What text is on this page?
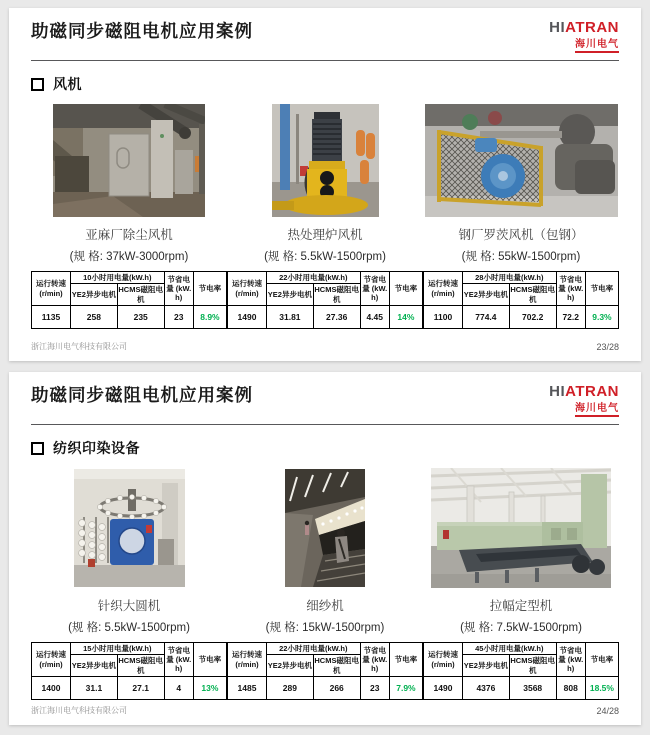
助磁同步磁阻电机应用案例	HIATRAN
海川电气
风机
亚麻厂除尘风机
(规 格: 37kW-3000rpm)
运行转速 (r/min)	10小时用电量(kW.h)		节省电量 (kW.h)	节电率
	YE2异步电机	HCMS磁阻电机		
1135	258	235	23	8.9%
热处理炉风机
(规 格: 5.5kW-1500rpm)
运行转速 (r/min)	22小时用电量(kW.h)		节省电量 (kW.h)	节电率
	YE2异步电机	HCMS磁阻电机		
1490	31.81	27.36	4.45	14%
钢厂罗茨风机（包钢）
(规 格: 55kW-1500rpm)
运行转速 (r/min)	28小时用电量(kW.h)		节省电量 (kW.h)	节电率
	YE2异步电机	HCMS磁阻电机		
1100	774.4	702.2	72.2	9.3%
浙江海川电气科技有限公司	23/28
助磁同步磁阻电机应用案例	HIATRAN
海川电气
纺织印染设备
针织大圆机
(规 格: 5.5kW-1500rpm)
运行转速 (r/min)	15小时用电量(kW.h)		节省电量 (kW.h)	节电率
	YE2异步电机	HCMS磁阻电机		
1400	31.1	27.1	4	13%
细纱机
(规 格: 15kW-1500rpm)
运行转速 (r/min)	22小时用电量(kW.h)		节省电量 (kW.h)	节电率
	YE2异步电机	HCMS磁阻电机		
1485	289	266	23	7.9%
拉幅定型机
(规 格: 7.5kW-1500rpm)
运行转速 (r/min)	45小时用电量(kW.h)		节省电量 (kW.h)	节电率
	YE2异步电机	HCMS磁阻电机		
1490	4376	3568	808	18.5%
浙江海川电气科技有限公司	24/28
